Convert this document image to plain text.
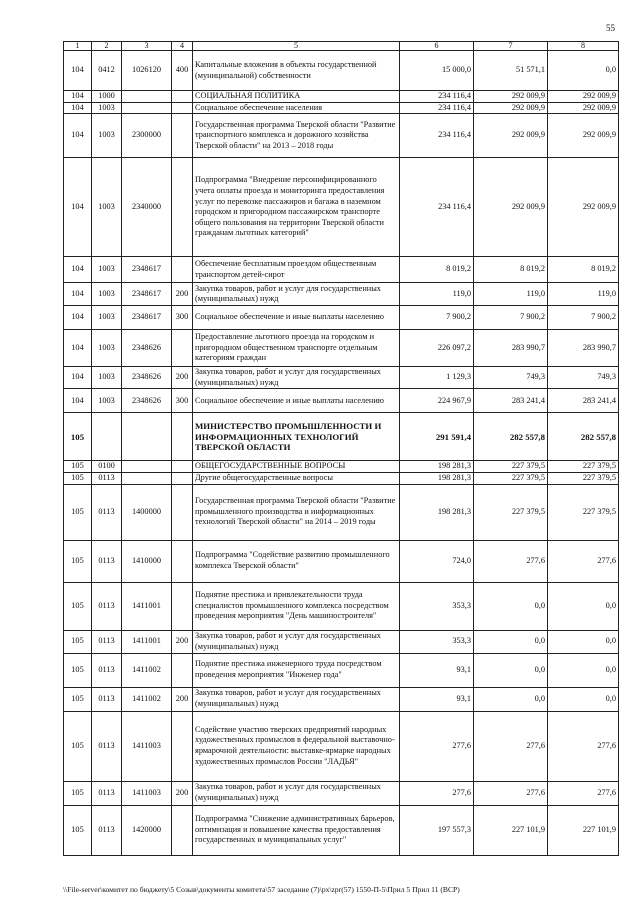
55
1	2	3	4	5	6	7	8
104	0412	1026120	400	Капитальные вложения в объекты государственной (муниципальной) собственности	15 000,0	51 571,1	0,0
104	1000			СОЦИАЛЬНАЯ ПОЛИТИКА	234 116,4	292 009,9	292 009,9
104	1003			Социальное обеспечение населения	234 116,4	292 009,9	292 009,9
104	1003	2300000		Государственная программа Тверской области "Развитие транспортного комплекса и дорожного хозяйства Тверской области" на 2013 – 2018 годы	234 116,4	292 009,9	292 009,9
104	1003	2340000		Подпрограмма "Внедрение персонифицированного учета оплаты проезда и мониторинга предоставления услуг по перевозке пассажиров и багажа в наземном городском и пригородном пассажирском транспорте общего пользования на территории Тверской области гражданам льготных категорий"	234 116,4	292 009,9	292 009,9
104	1003	2348617		Обеспечение бесплатным проездом общественным транспортом детей-сирот	8 019,2	8 019,2	8 019,2
104	1003	2348617	200	Закупка товаров, работ и услуг для государственных (муниципальных) нужд	119,0	119,0	119,0
104	1003	2348617	300	Социальное обеспечение и иные выплаты населению	7 900,2	7 900,2	7 900,2
104	1003	2348626		Предоставление льготного проезда на городском и пригородном общественном транспорте отдельным категориям граждан	226 097,2	283 990,7	283 990,7
104	1003	2348626	200	Закупка товаров, работ и услуг для государственных (муниципальных) нужд	1 129,3	749,3	749,3
104	1003	2348626	300	Социальное обеспечение и иные выплаты населению	224 967,9	283 241,4	283 241,4
105				МИНИСТЕРСТВО ПРОМЫШЛЕННОСТИ И ИНФОРМАЦИОННЫХ ТЕХНОЛОГИЙ ТВЕРСКОЙ ОБЛАСТИ	291 591,4	282 557,8	282 557,8
105	0100			ОБЩЕГОСУДАРСТВЕННЫЕ ВОПРОСЫ	198 281,3	227 379,5	227 379,5
105	0113			Другие общегосударственные вопросы	198 281,3	227 379,5	227 379,5
105	0113	1400000		Государственная программа Тверской области "Развитие промышленного производства и информационных технологий Тверской области" на 2014 – 2019 годы	198 281,3	227 379,5	227 379,5
105	0113	1410000		Подпрограмма "Содействие развитию промышленного комплекса Тверской области"	724,0	277,6	277,6
105	0113	1411001		Поднятие престижа и привлекательности труда специалистов промышленного комплекса посредством проведения мероприятия "День машиностроителя"	353,3	0,0	0,0
105	0113	1411001	200	Закупка товаров, работ и услуг для государственных (муниципальных) нужд	353,3	0,0	0,0
105	0113	1411002		Поднятие престижа инженерного труда посредством проведения мероприятия "Инженер года"	93,1	0,0	0,0
105	0113	1411002	200	Закупка товаров, работ и услуг для государственных (муниципальных) нужд	93,1	0,0	0,0
105	0113	1411003		Содействие участию тверских предприятий народных художественных промыслов в федеральной выставочно-ярмарочной деятельности: выставке-ярмарке народных художественных промыслов России "ЛАДЬЯ"	277,6	277,6	277,6
105	0113	1411003	200	Закупка товаров, работ и услуг для государственных (муниципальных) нужд	277,6	277,6	277,6
105	0113	1420000		Подпрограмма "Снижение административных барьеров, оптимизация и повышение качества предоставления государственных и муниципальных услуг"	197 557,3	227 101,9	227 101,9
\\File-server\комитет по бюджету\5 Созыв\документы комитета\57 заседание (7)\рх\zpr(57) 1550-П-5\Прил 5 Прил 11 (ВСР)
